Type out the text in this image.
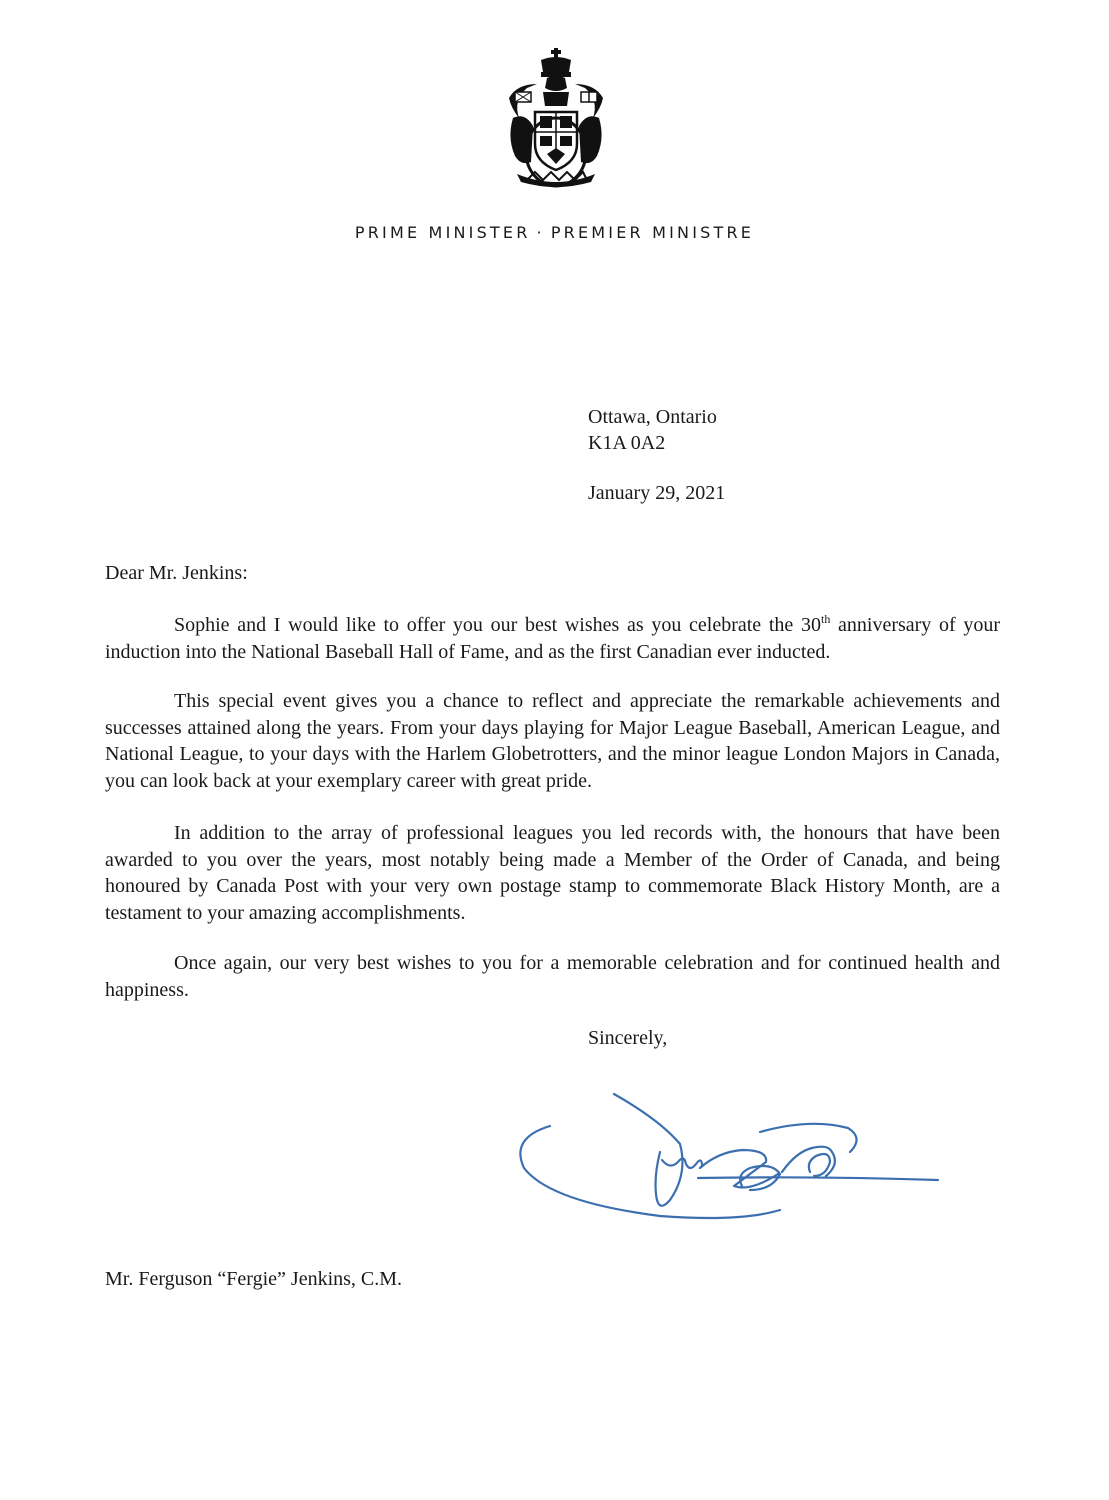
PRIME MINISTER · PREMIER MINISTRE
Ottawa, Ontario
K1A 0A2
January 29, 2021
Dear Mr. Jenkins:

Sophie and I would like to offer you our best wishes as you celebrate the 30th anniversary of your induction into the National Baseball Hall of Fame, and as the first Canadian ever inducted.

This special event gives you a chance to reflect and appreciate the remarkable achievements and successes attained along the years. From your days playing for Major League Baseball, American League, and National League, to your days with the Harlem Globetrotters, and the minor league London Majors in Canada, you can look back at your exemplary career with great pride.

In addition to the array of professional leagues you led records with, the honours that have been awarded to you over the years, most notably being made a Member of the Order of Canada, and being honoured by Canada Post with your very own postage stamp to commemorate Black History Month, are a testament to your amazing accomplishments.

Once again, our very best wishes to you for a memorable celebration and for continued health and happiness.

Sincerely,
Mr. Ferguson “Fergie” Jenkins, C.M.
